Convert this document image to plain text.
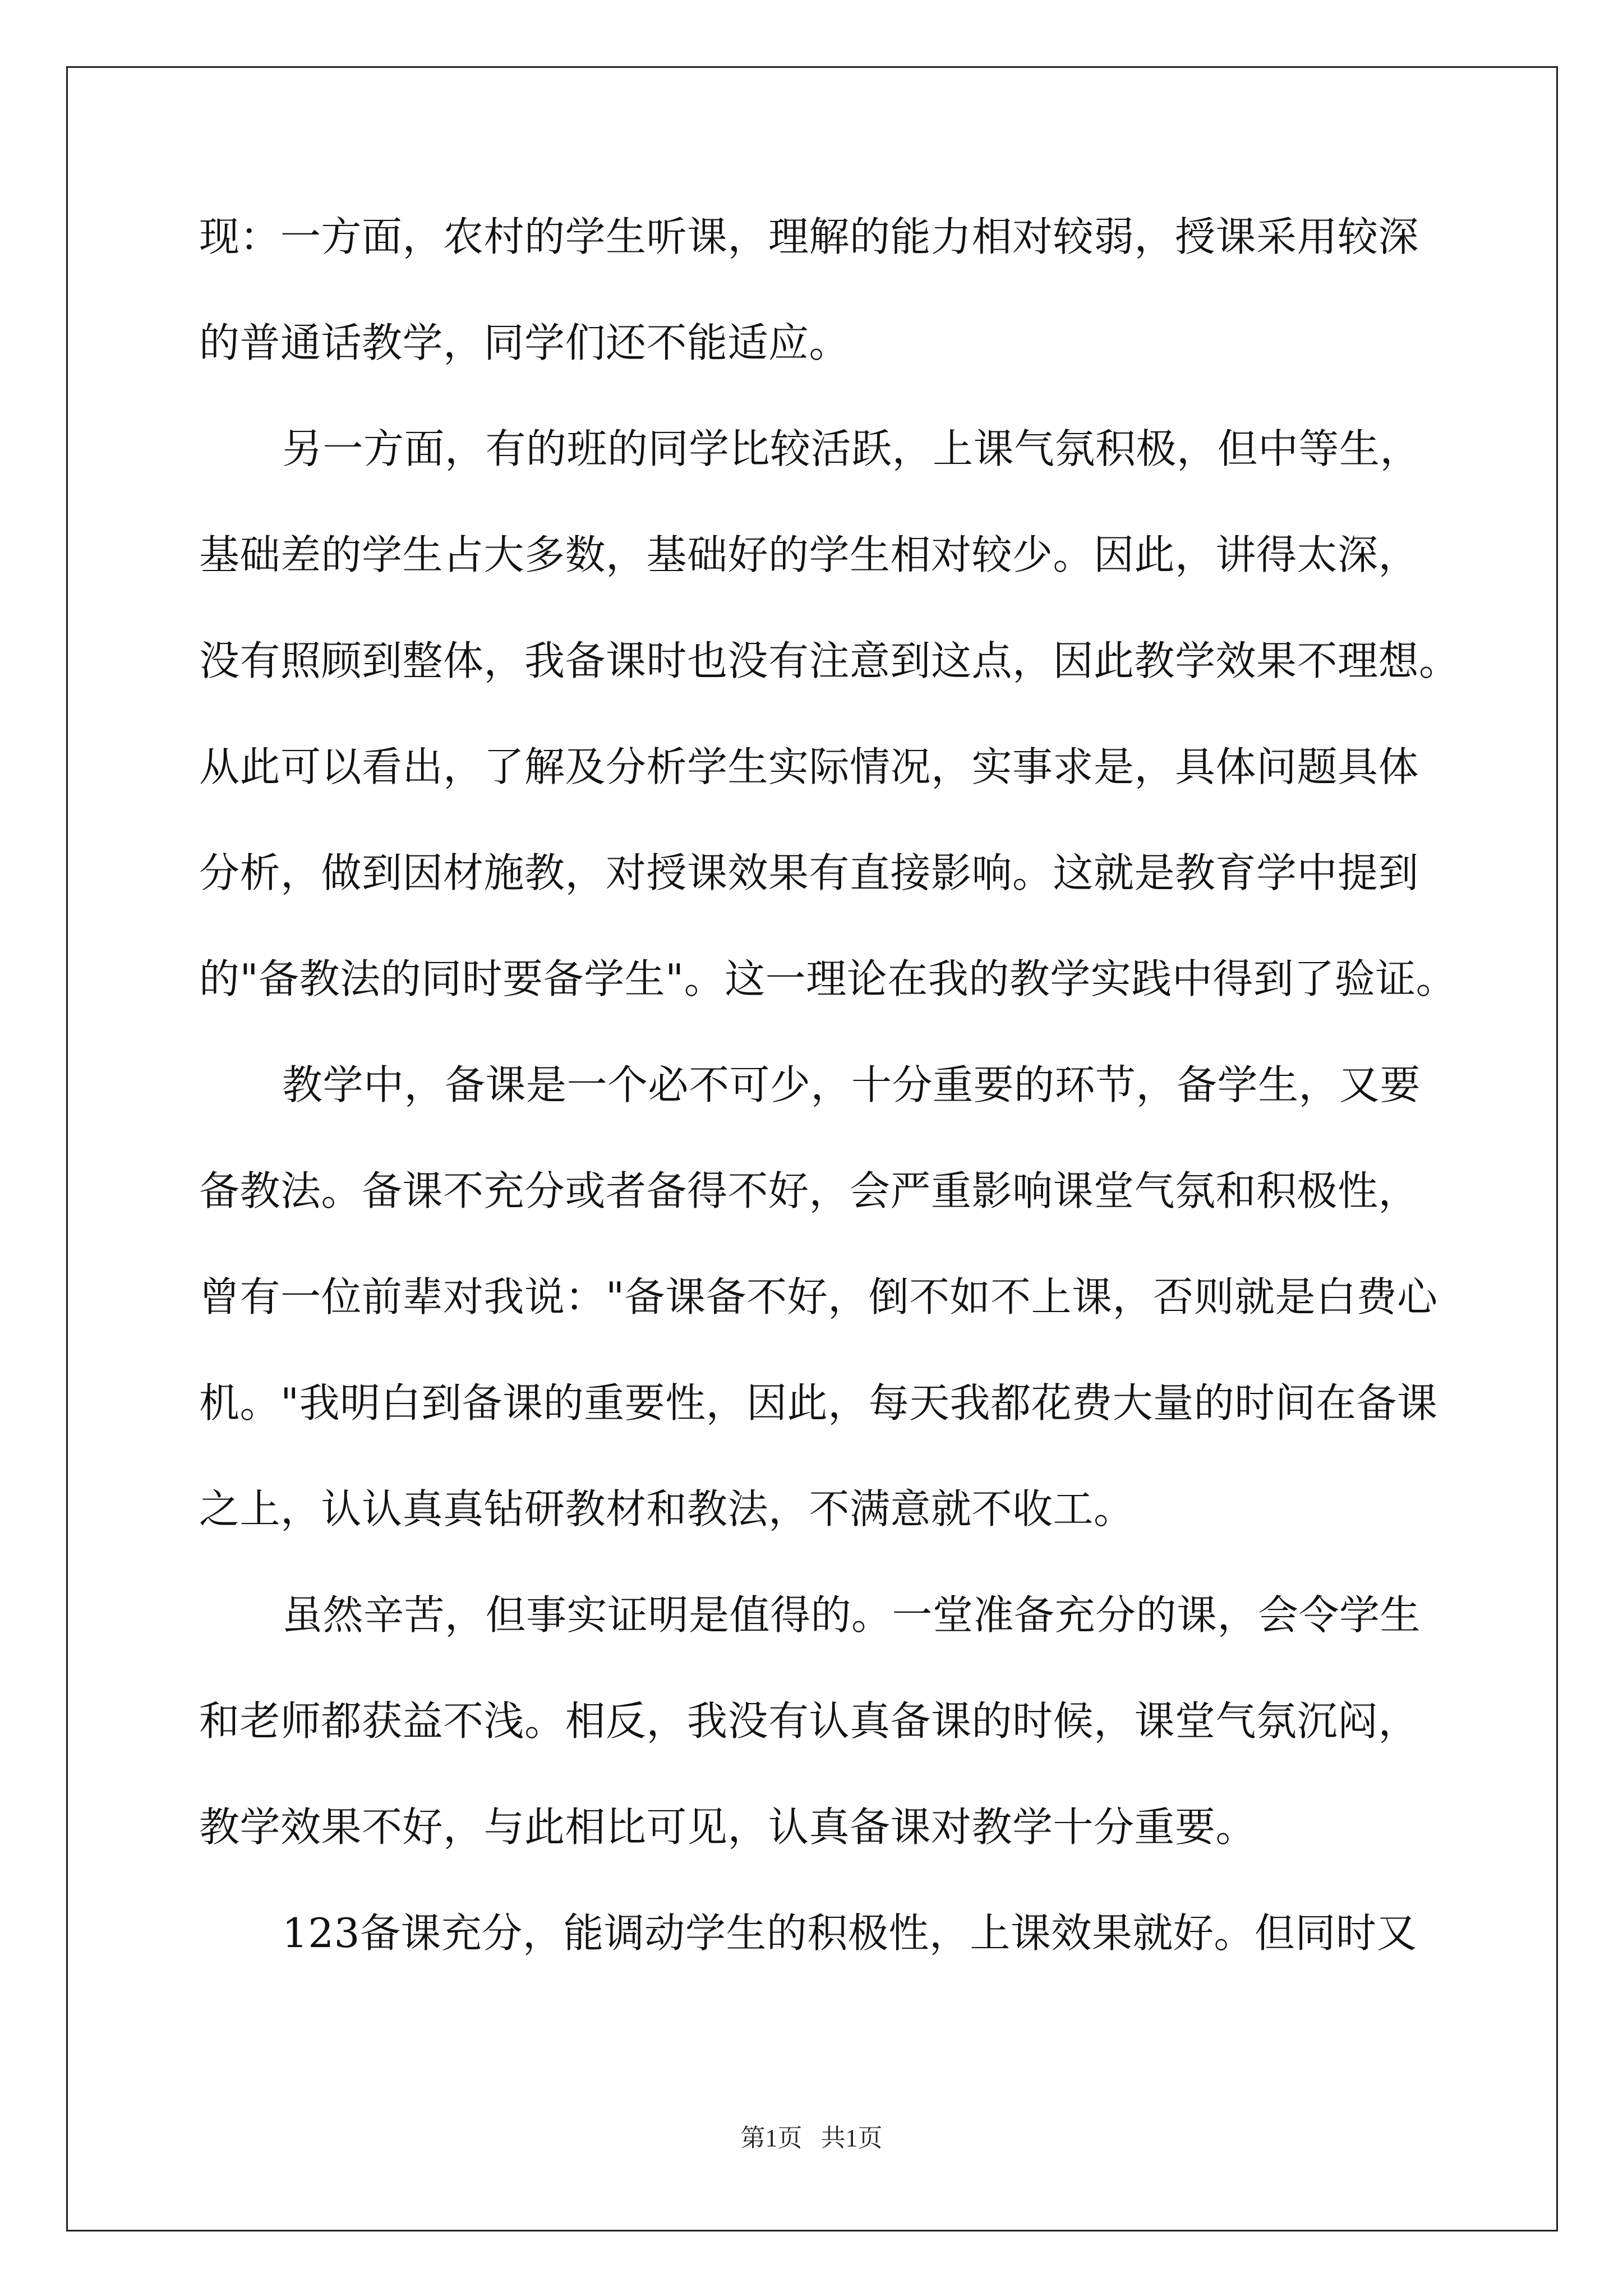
现：一方面，农村的学生听课，理解的能力相对较弱，授课采用较深
的普通话教学，同学们还不能适应。
另一方面，有的班的同学比较活跃，上课气氛积极，但中等生，
基础差的学生占大多数，基础好的学生相对较少。因此，讲得太深，
没有照顾到整体，我备课时也没有注意到这点，因此教学效果不理想。
从此可以看出，了解及分析学生实际情况，实事求是，具体问题具体
分析，做到因材施教，对授课效果有直接影响。这就是教育学中提到
的"备教法的同时要备学生"。这一理论在我的教学实践中得到了验证。
教学中，备课是一个必不可少，十分重要的环节，备学生，又要
备教法。备课不充分或者备得不好，会严重影响课堂气氛和积极性，
曾有一位前辈对我说："备课备不好，倒不如不上课，否则就是白费心
机。"我明白到备课的重要性，因此，每天我都花费大量的时间在备课
之上，认认真真钻研教材和教法，不满意就不收工。
虽然辛苦，但事实证明是值得的。一堂准备充分的课，会令学生
和老师都获益不浅。相反，我没有认真备课的时候，课堂气氛沉闷，
教学效果不好，与此相比可见，认真备课对教学十分重要。
123备课充分，能调动学生的积极性，上课效果就好。但同时又
第1页   共1页
